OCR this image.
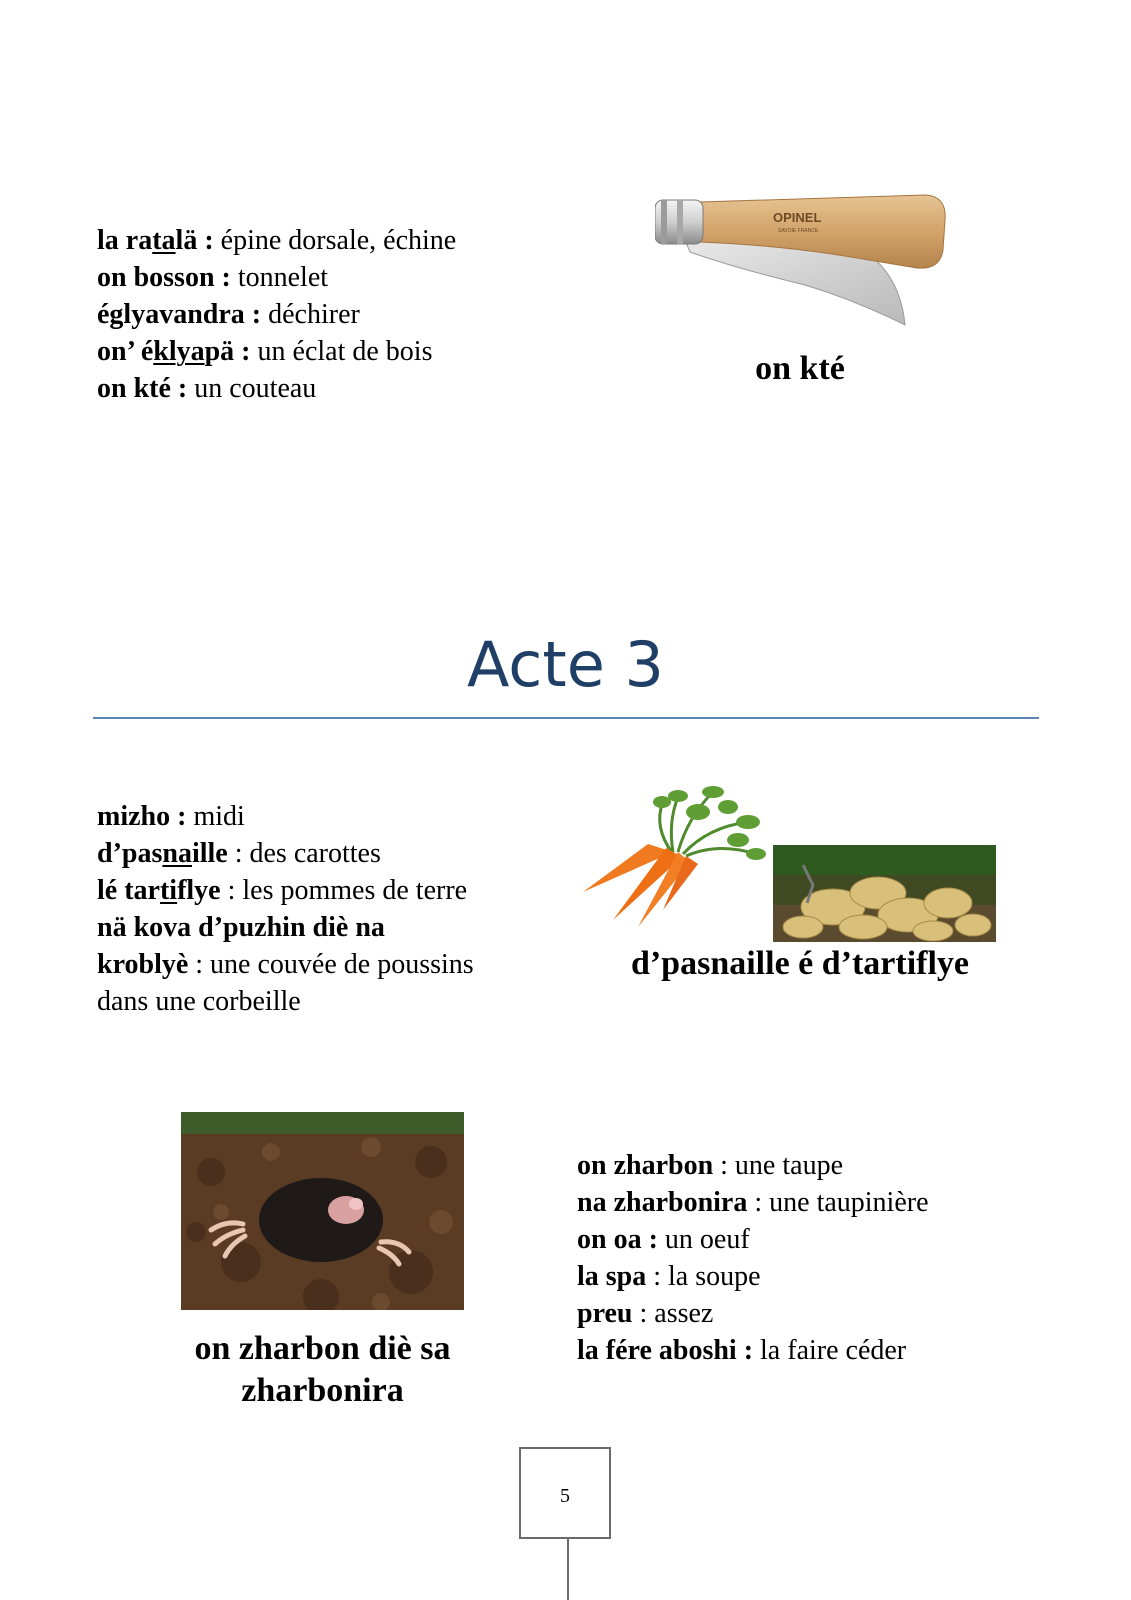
la ratalä : épine dorsale, échine
on bosson : tonnelet
églyavandra : déchirer
on’ éklyapä : un éclat de bois
on kté : un couteau
OPINEL
SAVOIE FRANCE
on kté
Acte 3
mizho : midi
d’pasnaille : des carottes
lé tartiflye : les pommes de terre
nä kova d’puzhin diè na
kroblyè : une couvée de poussins
dans une corbeille
d’pasnaille é d’tartiflye
on zharbon diè sa
zharbonira
on zharbon : une taupe
na zharbonira : une taupinière
on oa : un oeuf
la spa : la soupe
preu : assez
la fére aboshi : la faire céder
5
